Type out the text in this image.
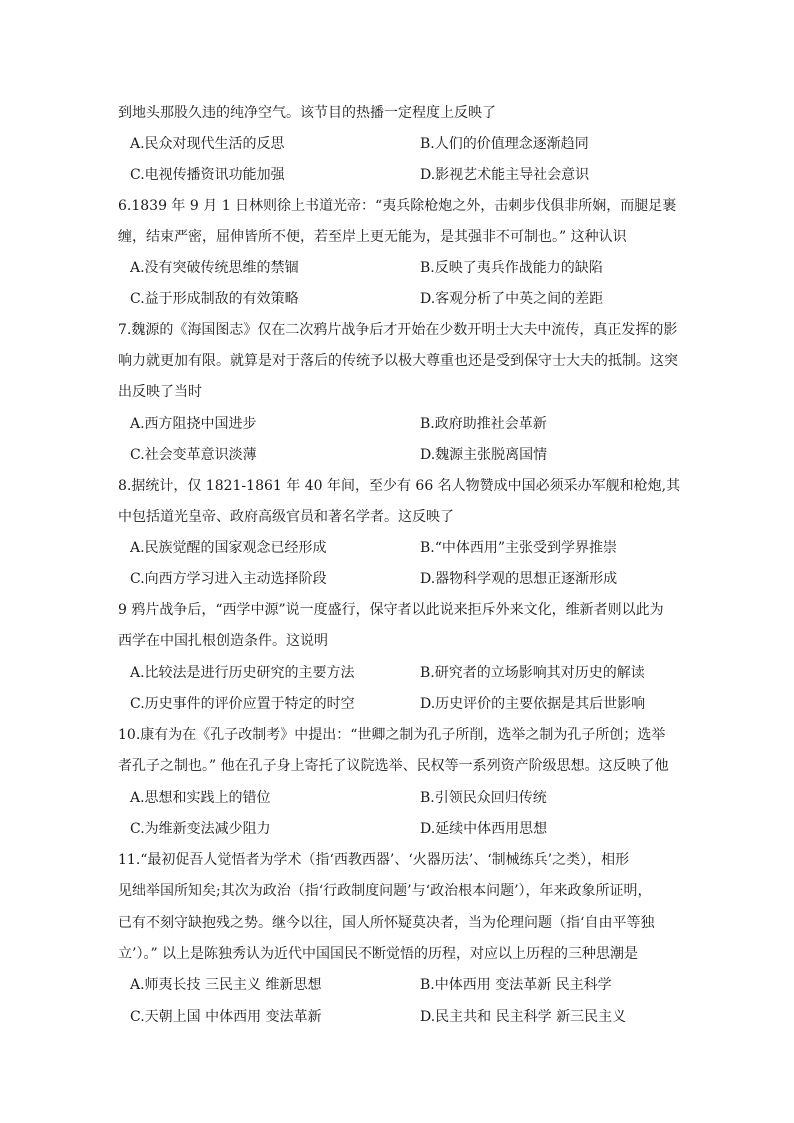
到地头那股久违的纯净空气。该节目的热播一定程度上反映了
A.民众对现代生活的反思	B.人们的价值理念逐渐趋同
C.电视传播资讯功能加强	D.影视艺术能主导社会意识
6.1839 年 9 月 1 日林则徐上书道光帝：“夷兵除枪炮之外，击刺步伐俱非所娴，而腿足裹
缠，结束严密，屈伸皆所不便，若至岸上更无能为，是其强非不可制也。” 这种认识
A.没有突破传统思维的禁锢	B.反映了夷兵作战能力的缺陷
C.益于形成制敌的有效策略	D.客观分析了中英之间的差距
7.魏源的《海国图志》仅在二次鸦片战争后才开始在少数开明士大夫中流传，真正发挥的影
响力就更加有限。就算是对于落后的传统予以极大尊重也还是受到保守士大夫的抵制。这突
出反映了当时
A.西方阻挠中国进步	B.政府助推社会革新
C.社会变革意识淡薄	D.魏源主张脱离国情
8.据统计，仅 1821-1861 年 40 年间，至少有 66 名人物赞成中国必须采办军舰和枪炮,其
中包括道光皇帝、政府高级官员和著名学者。这反映了
A.民族觉醒的国家观念已经形成	B.“中体西用”主张受到学界推崇
C.向西方学习进入主动选择阶段	D.器物科学观的思想正逐渐形成
9 鸦片战争后，“西学中源”说一度盛行，保守者以此说来拒斥外来文化，维新者则以此为
西学在中国扎根创造条件。这说明
A.比较法是进行历史研究的主要方法	B.研究者的立场影响其对历史的解读
C.历史事件的评价应置于特定的时空	D.历史评价的主要依据是其后世影响
10.康有为在《孔子改制考》中提出：“世卿之制为孔子所削，选举之制为孔子所创；选举
者孔子之制也。” 他在孔子身上寄托了议院选举、民权等一系列资产阶级思想。这反映了他
A.思想和实践上的错位	B.引领民众回归传统
C.为维新变法减少阻力	D.延续中体西用思想
11.“最初促吾人觉悟者为学术（指‘西教西器’、‘火器历法’、‘制械练兵’之类），相形
见绌举国所知矣;其次为政治（指‘行政制度问题’与‘政治根本问题’），年来政象所证明，
已有不刻守缺抱残之势。继今以往，国人所怀疑莫决者，当为伦理问题（指‘自由平等独
立’）。” 以上是陈独秀认为近代中国国民不断觉悟的历程，对应以上历程的三种思潮是
A.师夷长技 三民主义 维新思想	B.中体西用 变法革新 民主科学
C.天朝上国 中体西用 变法革新	D.民主共和 民主科学 新三民主义
